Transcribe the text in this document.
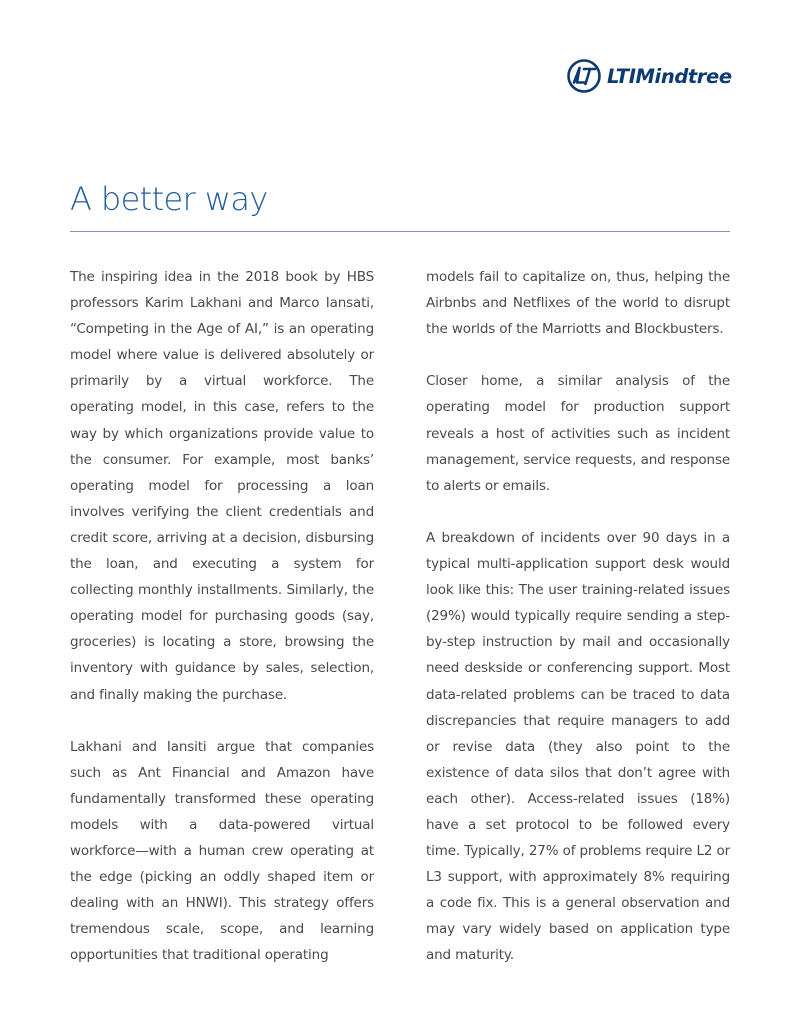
LTIMindtree
A better way

The inspiring idea in the 2018 book by HBS professors Karim Lakhani and Marco Iansati, “Competing in the Age of AI,” is an operating model where value is delivered absolutely or primarily by a virtual workforce. The operating model, in this case, refers to the way by which organizations provide value to the consumer. For example, most banks’ operating model for processing a loan involves verifying the client credentials and credit score, arriving at a decision, disbursing the loan, and executing a system for collecting monthly installments. Similarly, the operating model for purchasing goods (say, groceries) is locating a store, browsing the inventory with guidance by sales, selection, and finally making the purchase.

Lakhani and Iansiti argue that companies such as Ant Financial and Amazon have fundamentally transformed these operating models with a data-powered virtual workforce—with a human crew operating at the edge (picking an oddly shaped item or dealing with an HNWI). This strategy offers tremendous scale, scope, and learning opportunities that traditional operating

models fail to capitalize on, thus, helping the Airbnbs and Netflixes of the world to disrupt the worlds of the Marriotts and Blockbusters.

Closer home, a similar analysis of the operating model for production support reveals a host of activities such as incident management, service requests, and response to alerts or emails.

A breakdown of incidents over 90 days in a typical multi-application support desk would look like this: The user training-related issues (29%) would typically require sending a step-by-step instruction by mail and occasionally need deskside or conferencing support. Most data-related problems can be traced to data discrepancies that require managers to add or revise data (they also point to the existence of data silos that don’t agree with each other). Access-related issues (18%) have a set protocol to be followed every time. Typically, 27% of problems require L2 or L3 support, with approximately 8% requiring a code fix. This is a general observation and may vary widely based on application type and maturity.
